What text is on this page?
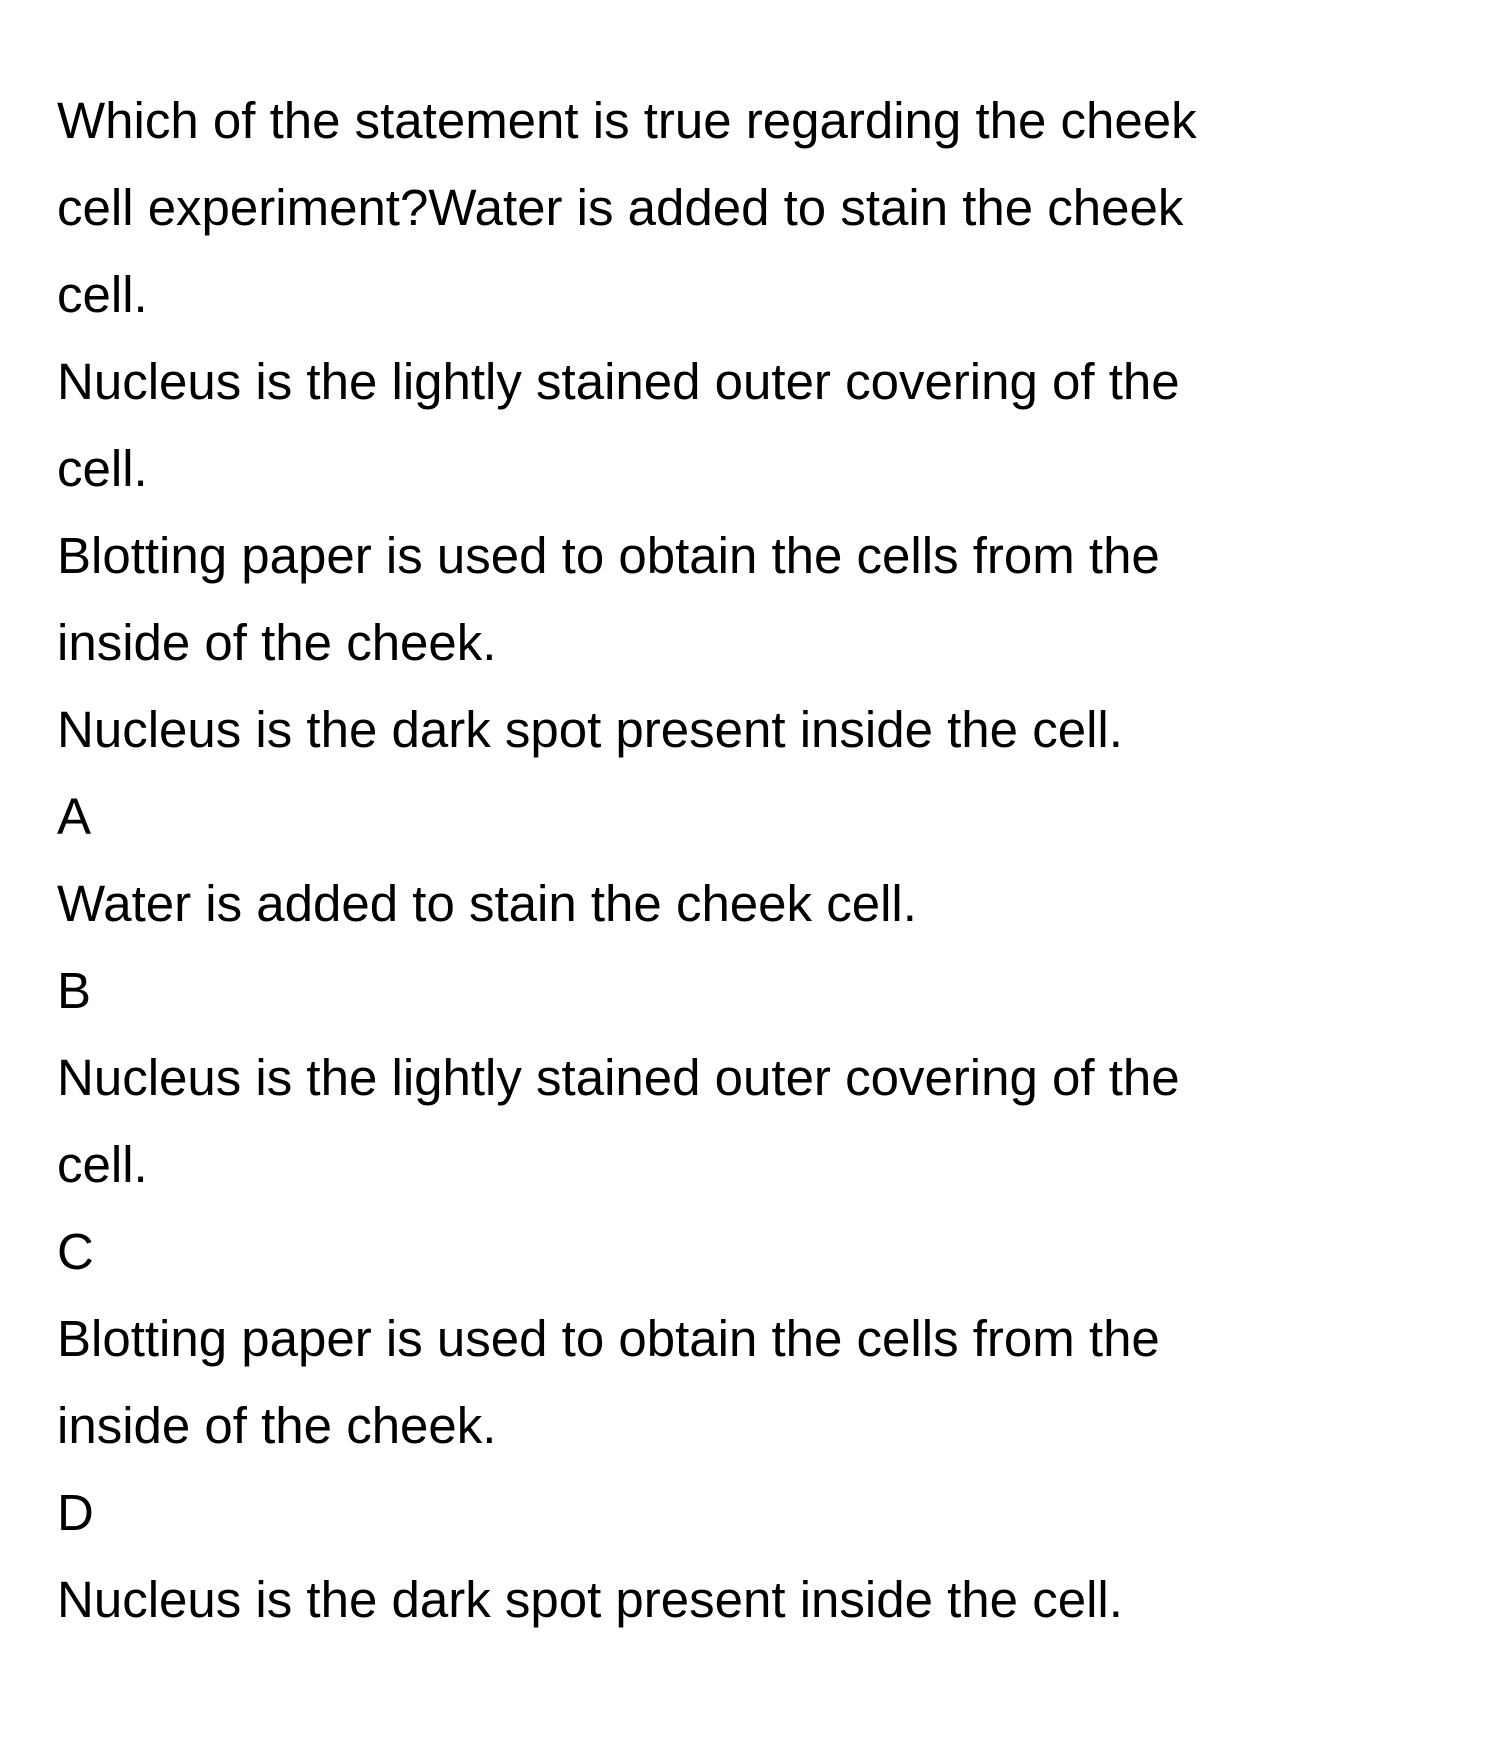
Which of the statement is true regarding the cheek cell experiment?Water is added to stain the cheek cell.

Nucleus is the lightly stained outer covering of the cell.

Blotting paper is used to obtain the cells from the inside of the cheek.

Nucleus is the dark spot present inside the cell.

A

Water is added to stain the cheek cell.

B

Nucleus is the lightly stained outer covering of the cell.

C

Blotting paper is used to obtain the cells from the inside of the cheek.

D

Nucleus is the dark spot present inside the cell.
